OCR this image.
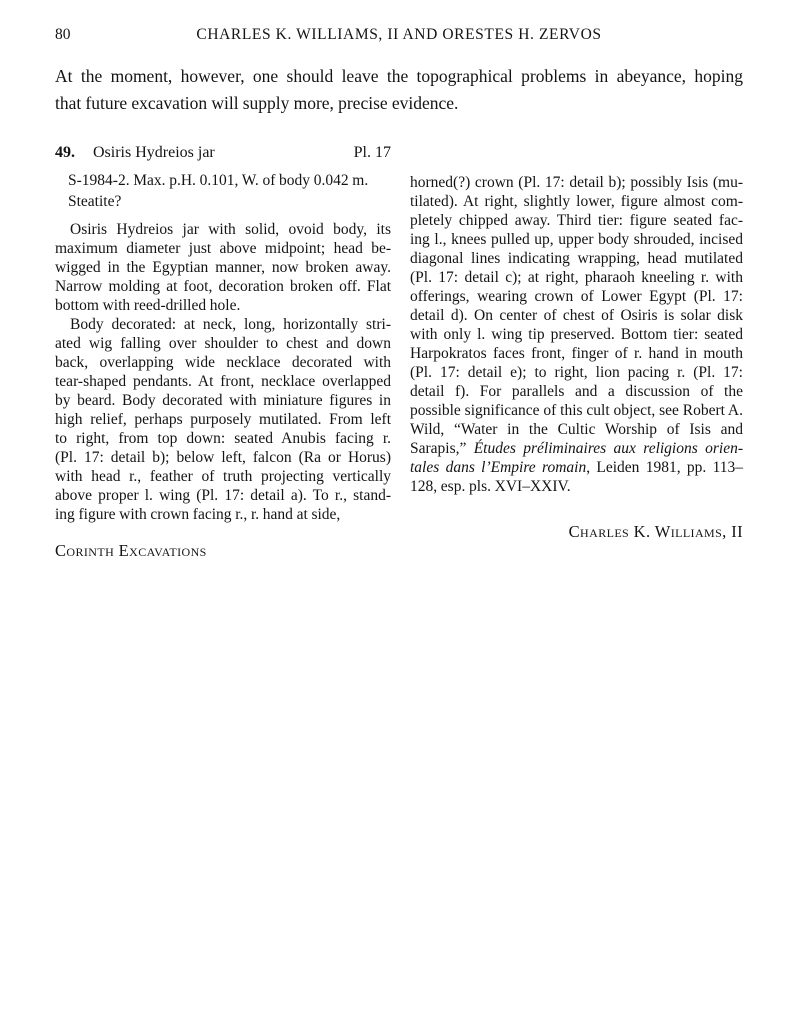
80	CHARLES K. WILLIAMS, II AND ORESTES H. ZERVOS
At the moment, however, one should leave the topographical problems in abeyance, hoping
that future excavation will supply more, precise evidence.
49. Osiris Hydreios jar	Pl. 17
S-1984-2. Max. p.H. 0.101, W. of body 0.042 m.
Steatite?
Osiris Hydreios jar with solid, ovoid body, its
maximum diameter just above midpoint; head be-
wigged in the Egyptian manner, now broken away.
Narrow molding at foot, decoration broken off. Flat
bottom with reed-drilled hole.
Body decorated: at neck, long, horizontally stri-
ated wig falling over shoulder to chest and down
back, overlapping wide necklace decorated with
tear-shaped pendants. At front, necklace overlapped
by beard. Body decorated with miniature figures in
high relief, perhaps purposely mutilated. From left
to right, from top down: seated Anubis facing r.
(Pl. 17: detail b); below left, falcon (Ra or Horus)
with head r., feather of truth projecting vertically
above proper l. wing (Pl. 17: detail a). To r., stand-
ing figure with crown facing r., r. hand at side,
Corinth Excavations
horned(?) crown (Pl. 17: detail b); possibly Isis (mu-
tilated). At right, slightly lower, figure almost com-
pletely chipped away. Third tier: figure seated fac-
ing l., knees pulled up, upper body shrouded, incised
diagonal lines indicating wrapping, head mutilated
(Pl. 17: detail c); at right, pharaoh kneeling r. with
offerings, wearing crown of Lower Egypt (Pl. 17:
detail d). On center of chest of Osiris is solar disk
with only l. wing tip preserved. Bottom tier: seated
Harpokratos faces front, finger of r. hand in mouth
(Pl. 17: detail e); to right, lion pacing r. (Pl. 17:
detail f). For parallels and a discussion of the
possible significance of this cult object, see Robert A.
Wild, “Water in the Cultic Worship of Isis and
Sarapis,” Études préliminaires aux religions orien-
tales dans l’Empire romain, Leiden 1981, pp. 113–
128, esp. pls. XVI–XXIV.
Charles K. Williams, II
